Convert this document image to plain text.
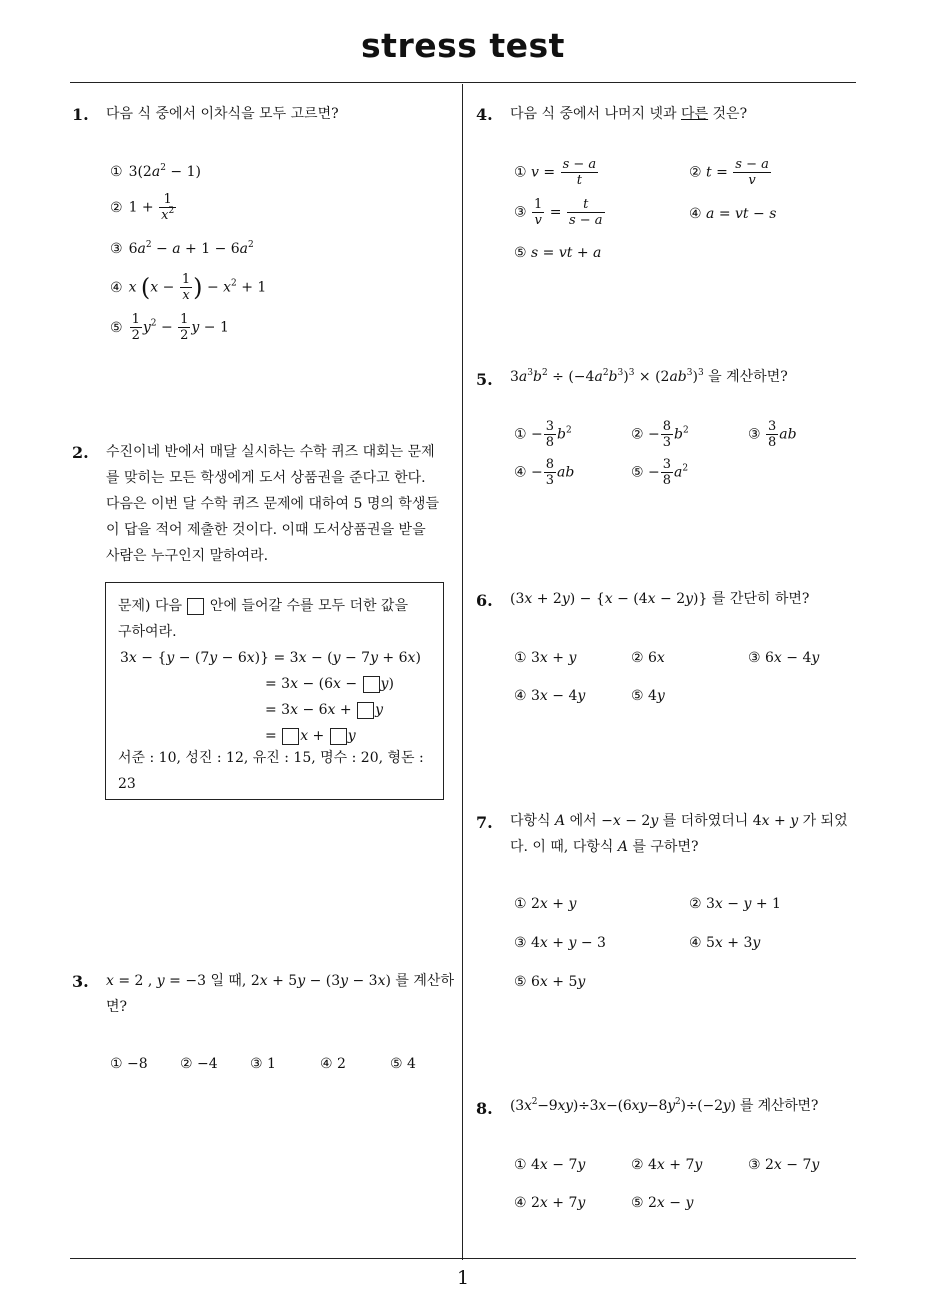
stress test
1
1. 다음 식 중에서 이차식을 모두 고르면?
① $3(2a^2 - 1)$
② $1 + \frac{1}{x^2}$
③ $6a^2 - a + 1 - 6a^2$
④ x ($x - \frac{1}{x}$ ) − $x^2 + 1$
⑤ $\frac{1}{2} y^2 - \frac{1}{2}$ y − 1
2. 수진이네 반에서 매달 실시하는 수학 퀴즈 대회는 문제
를 맞히는 모든 학생에게 도서 상품권을 준다고 한다.
다음은 이번 달 수학 퀴즈 문제에 대하여 5 명의 학생들
이 답을 적어 제출한 것이다. 이때 도서상품권을 받을
사람은 누구인지 말하여라.
문제) 다음 안에 들어갈 수를 모두 더한 값을
구하여라.
3x − {y − (7y − 6x)} = 3x − (y − 7y + 6x)
= 3x − (6x − y)
= 3x − 6x + y
= x + y
서준 : 10, 성진 : 12, 유진 : 15, 명수 : 20, 형돈 :
23
3. x = 2 , y = −3 일 때, 2x + 5y − (3y − 3x) 를 계산하
면?
① −8 ② −4 ③ 1	④ 2	⑤ 4
4. 다음 식 중에서 나머지 넷과 다른 것은?
① $v = \frac{s - a}{t}$	② $t = \frac{s - a}{v}$
③ $\frac{1}{v} = \frac{t}{s - a}$	④ a = vt − s
⑤ s = vt + a
5. $3a^3b^2 \div (-4a^2b^3)^3 \times (2ab^3)^3$ 을 계산하면?
① − $\frac{3}{8} b^2$	② − $\frac{8}{3} b^2$	③ $\frac{3}{8}$ ab
④ − $\frac{8}{3}$ ab	⑤ − $\frac{3}{8} a^2$
6. (3x + 2y) − {x − (4x − 2y)} 를 간단히 하면?
① 3x + y	② 6x	③ 6x − 4y
④ 3x − 4y	⑤ 4y
7. 다항식 A 에서 −x − 2y 를 더하였더니 4x + y 가 되었
다. 이 때, 다항식 A 를 구하면?
① 2x + y	② 3x − y + 1
③ 4x + y − 3	④ 5x + 3y
⑤ 6x + 5y
8. $(3x^2-9xy)\div 3x-(6xy-8y^2)\div(-2y)$ 를 계산하면?
① 4x − 7y	② 4x + 7y	③ 2x − 7y
④ 2x + 7y	⑤ 2x − y
